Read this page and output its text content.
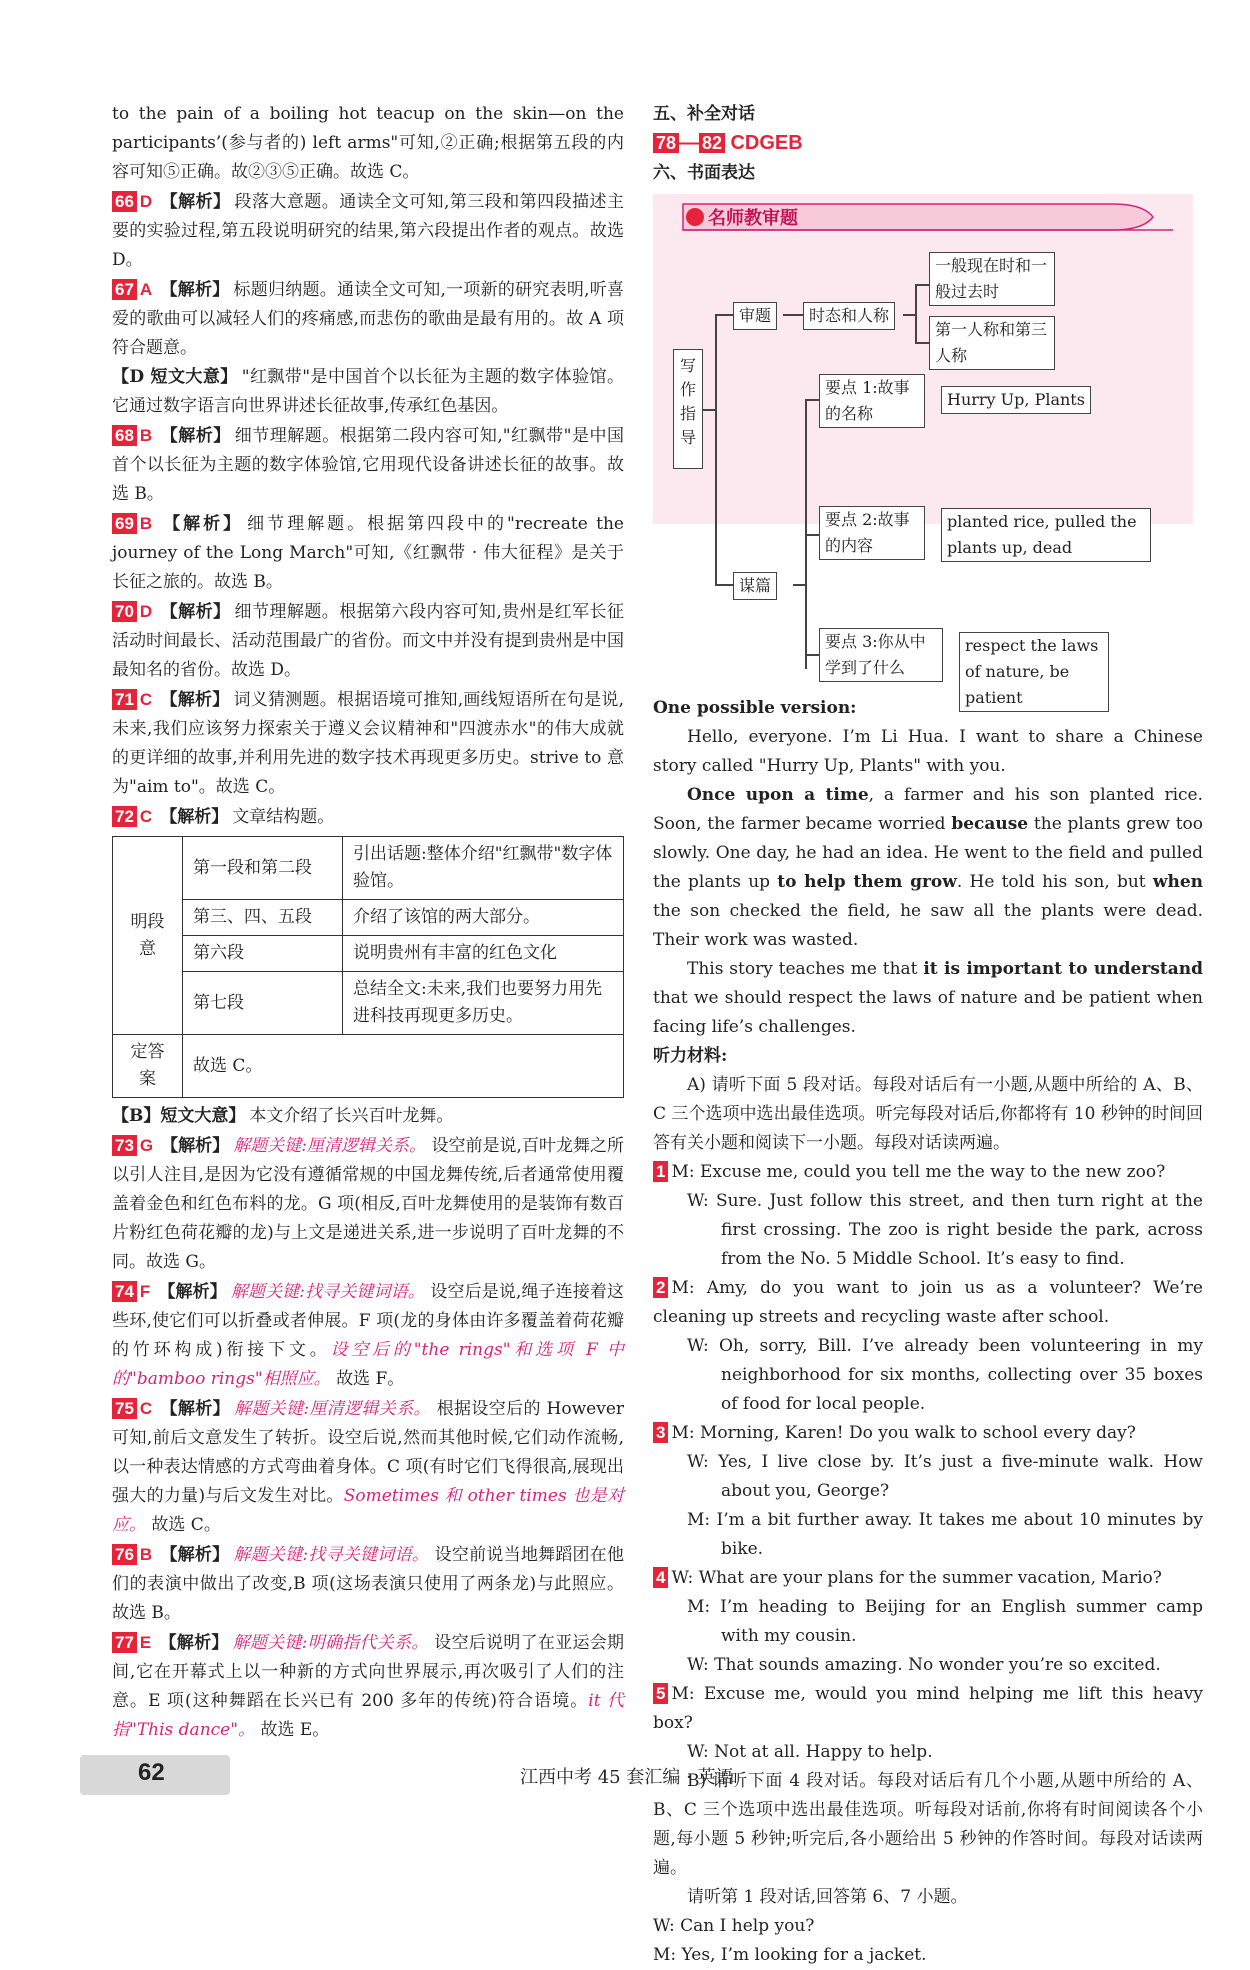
to the pain of a boiling hot teacup on the skin—on the participants’(参与者的) left arms"可知,②正确;根据第五段的内容可知⑤正确。故②③⑤正确。故选 C。

66 D 【解析】 段落大意题。通读全文可知,第三段和第四段描述主要的实验过程,第五段说明研究的结果,第六段提出作者的观点。故选 D。

67 A 【解析】 标题归纳题。通读全文可知,一项新的研究表明,听喜爱的歌曲可以减轻人们的疼痛感,而悲伤的歌曲是最有用的。故 A 项符合题意。

【D 短文大意】 "红飘带"是中国首个以长征为主题的数字体验馆。它通过数字语言向世界讲述长征故事,传承红色基因。

68 B 【解析】 细节理解题。根据第二段内容可知,"红飘带"是中国首个以长征为主题的数字体验馆,它用现代设备讲述长征的故事。故选 B。

69 B 【解析】 细节理解题。根据第四段中的"recreate the journey of the Long March"可知,《红飘带 · 伟大征程》是关于长征之旅的。故选 B。

70 D 【解析】 细节理解题。根据第六段内容可知,贵州是红军长征活动时间最长、活动范围最广的省份。而文中并没有提到贵州是中国最知名的省份。故选 D。

71 C 【解析】 词义猜测题。根据语境可推知,画线短语所在句是说,未来,我们应该努力探索关于遵义会议精神和"四渡赤水"的伟大成就的更详细的故事,并利用先进的数字技术再现更多历史。strive to 意为"aim to"。故选 C。

72 C 【解析】 文章结构题。

明段意	第一段和第二段	引出话题:整体介绍"红飘带"数字体验馆。
	第三、四、五段	介绍了该馆的两大部分。
	第六段	说明贵州有丰富的红色文化
	第七段	总结全文:未来,我们也要努力用先进科技再现更多历史。
定答案	故选 C。	

【B】短文大意】 本文介绍了长兴百叶龙舞。

73 G 【解析】 解题关键:厘清逻辑关系。 设空前是说,百叶龙舞之所以引人注目,是因为它没有遵循常规的中国龙舞传统,后者通常使用覆盖着金色和红色布料的龙。G 项(相反,百叶龙舞使用的是装饰有数百片粉红色荷花瓣的龙)与上文是递进关系,进一步说明了百叶龙舞的不同。故选 G。

74 F 【解析】 解题关键:找寻关键词语。 设空后是说,绳子连接着这些环,使它们可以折叠或者伸展。F 项(龙的身体由许多覆盖着荷花瓣的竹环构成)衔接下文。设空后的"the rings"和选项 F 中的"bamboo rings"相照应。 故选 F。

75 C 【解析】 解题关键:厘清逻辑关系。 根据设空后的 However 可知,前后文意发生了转折。设空后说,然而其他时候,它们动作流畅,以一种表达情感的方式弯曲着身体。C 项(有时它们飞得很高,展现出强大的力量)与后文发生对比。Sometimes 和 other times 也是对应。 故选 C。

76 B 【解析】 解题关键:找寻关键词语。 设空前说当地舞蹈团在他们的表演中做出了改变,B 项(这场表演只使用了两条龙)与此照应。故选 B。

77 E 【解析】 解题关键:明确指代关系。 设空后说明了在亚运会期间,它在开幕式上以一种新的方式向世界展示,再次吸引了人们的注意。E 项(这种舞蹈在长兴已有 200 多年的传统)符合语境。it 代指"This dance"。 故选 E。

五、补全对话

78 — 82 CDGEB

六、书面表达

名师教审题
写作指导
审题	时态和人称
一般现在时和一般过去时
第一人称和第三人称
谋篇
要点 1:故事的名称
Hurry Up, Plants
要点 2:故事的内容
planted rice, pulled the plants up, dead
要点 3:你从中学到了什么
respect the laws of nature, be patient

One possible version:

Hello, everyone. I’m Li Hua. I want to share a Chinese story called "Hurry Up, Plants" with you.

Once upon a time, a farmer and his son planted rice. Soon, the farmer became worried because the plants grew too slowly. One day, he had an idea. He went to the field and pulled the plants up to help them grow. He told his son, but when the son checked the field, he saw all the plants were dead. Their work was wasted.

This story teaches me that it is important to understand that we should respect the laws of nature and be patient when facing life’s challenges.

听力材料:

A) 请听下面 5 段对话。每段对话后有一小题,从题中所给的 A、B、C 三个选项中选出最佳选项。听完每段对话后,你都将有 10 秒钟的时间回答有关小题和阅读下一小题。每段对话读两遍。

1 M: Excuse me, could you tell me the way to the new zoo?

W: Sure. Just follow this street, and then turn right at the first crossing. The zoo is right beside the park, across from the No. 5 Middle School. It’s easy to find.

2 M: Amy, do you want to join us as a volunteer? We’re cleaning up streets and recycling waste after school.

W: Oh, sorry, Bill. I’ve already been volunteering in my neighborhood for six months, collecting over 35 boxes of food for local people.

3 M: Morning, Karen! Do you walk to school every day?

W: Yes, I live close by. It’s just a five-minute walk. How about you, George?

M: I’m a bit further away. It takes me about 10 minutes by bike.

4 W: What are your plans for the summer vacation, Mario?

M: I’m heading to Beijing for an English summer camp with my cousin.

W: That sounds amazing. No wonder you’re so excited.

5 M: Excuse me, would you mind helping me lift this heavy box?

W: Not at all. Happy to help.

B) 请听下面 4 段对话。每段对话后有几个小题,从题中所给的 A、B、C 三个选项中选出最佳选项。听每段对话前,你将有时间阅读各个小题,每小题 5 秒钟;听完后,各小题给出 5 秒钟的作答时间。每段对话读两遍。

请听第 1 段对话,回答第 6、7 小题。

W: Can I help you?

M: Yes, I’m looking for a jacket.

62	江西中考 45 套汇编 · 英语
